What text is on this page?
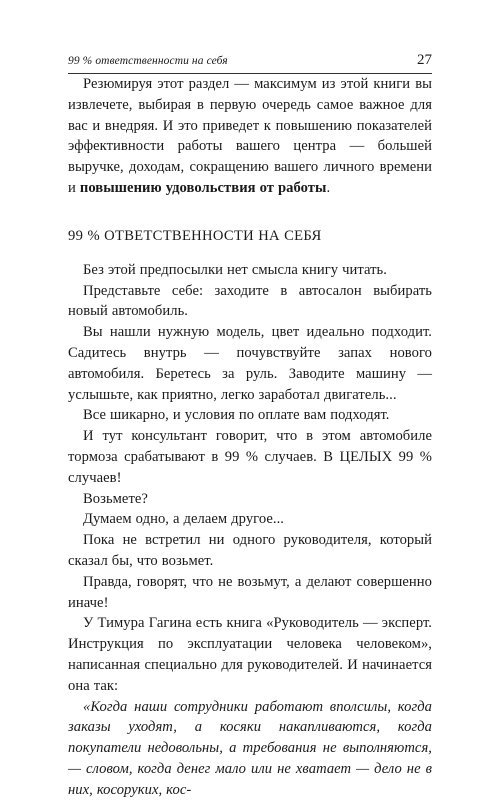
99 % ответственности на себя	27

Резюмируя этот раздел — максимум из этой книги вы извлечете, выбирая в первую очередь самое важное для вас и внедряя. И это приведет к повышению показателей эффективности работы вашего центра — большей выручке, доходам, сокращению вашего личного времени и повышению удовольствия от работы.

99 % ОТВЕТСТВЕННОСТИ НА СЕБЯ

Без этой предпосылки нет смысла книгу читать.

Представьте себе: заходите в автосалон выбирать новый автомобиль.

Вы нашли нужную модель, цвет идеально подходит. Садитесь внутрь — почувствуйте запах нового автомобиля. Беретесь за руль. Заводите машину — услышьте, как приятно, легко заработал двигатель...

Все шикарно, и условия по оплате вам подходят.

И тут консультант говорит, что в этом автомобиле тормоза срабатывают в 99 % случаев. В ЦЕЛЫХ 99 % случаев!

Возьмете?

Думаем одно, а делаем другое...

Пока не встретил ни одного руководителя, который сказал бы, что возьмет.

Правда, говорят, что не возьмут, а делают совершенно иначе!

У Тимура Гагина есть книга «Руководитель — эксперт. Инструкция по эксплуатации человека человеком», написанная специально для руководителей. И начинается она так:

«Когда наши сотрудники работают вполсилы, когда заказы уходят, а косяки накапливаются, когда покупатели недовольны, а требования не выполняются, — словом, когда денег мало или не хватает — дело не в них, косоруких, кос-
